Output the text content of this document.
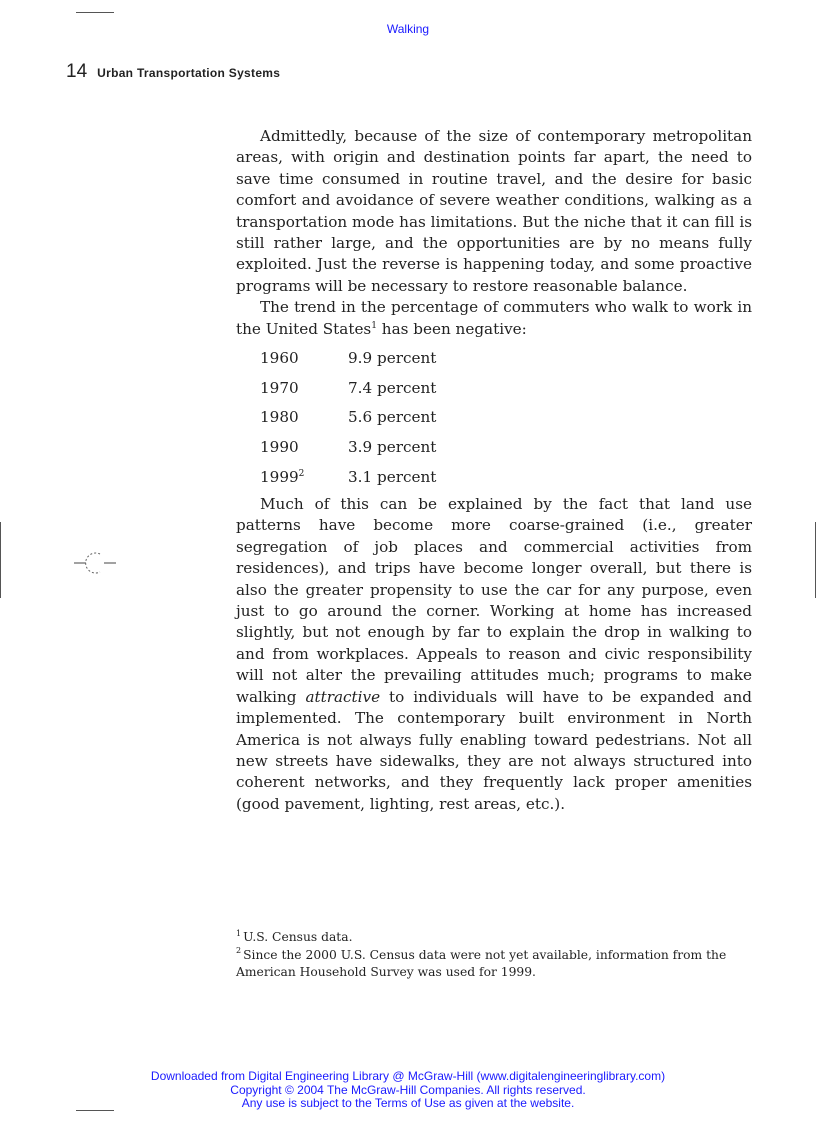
Walking
14 Urban Transportation Systems

Admittedly, because of the size of contemporary metropolitan areas, with origin and destination points far apart, the need to save time consumed in routine travel, and the desire for basic comfort and avoidance of severe weather conditions, walking as a transportation mode has limitations. But the niche that it can fill is still rather large, and the opportunities are by no means fully exploited. Just the reverse is happening today, and some proactive programs will be necessary to restore reasonable balance.

The trend in the percentage of commuters who walk to work in the United States$^1$ has been negative:

1960	9.9 percent
1970	7.4 percent
1980	5.6 percent
1990	3.9 percent
1999$^2$	3.1 percent

Much of this can be explained by the fact that land use patterns have become more coarse-grained (i.e., greater segregation of job places and commercial activities from residences), and trips have become longer overall, but there is also the greater propensity to use the car for any purpose, even just to go around the corner. Working at home has increased slightly, but not enough by far to explain the drop in walking to and from workplaces. Appeals to reason and civic responsibility will not alter the prevailing attitudes much; programs to make walking attractive to individuals will have to be expanded and implemented. The contemporary built environment in North America is not always fully enabling toward pedestrians. Not all new streets have sidewalks, they are not always structured into coherent networks, and they frequently lack proper amenities (good pavement, lighting, rest areas, etc.).

$^1$ U.S. Census data.

$^2$ Since the 2000 U.S. Census data were not yet available, information from the American Household Survey was used for 1999.

Downloaded from Digital Engineering Library @ McGraw-Hill (www.digitalengineeringlibrary.com)
Copyright © 2004 The McGraw-Hill Companies. All rights reserved.
Any use is subject to the Terms of Use as given at the website.
